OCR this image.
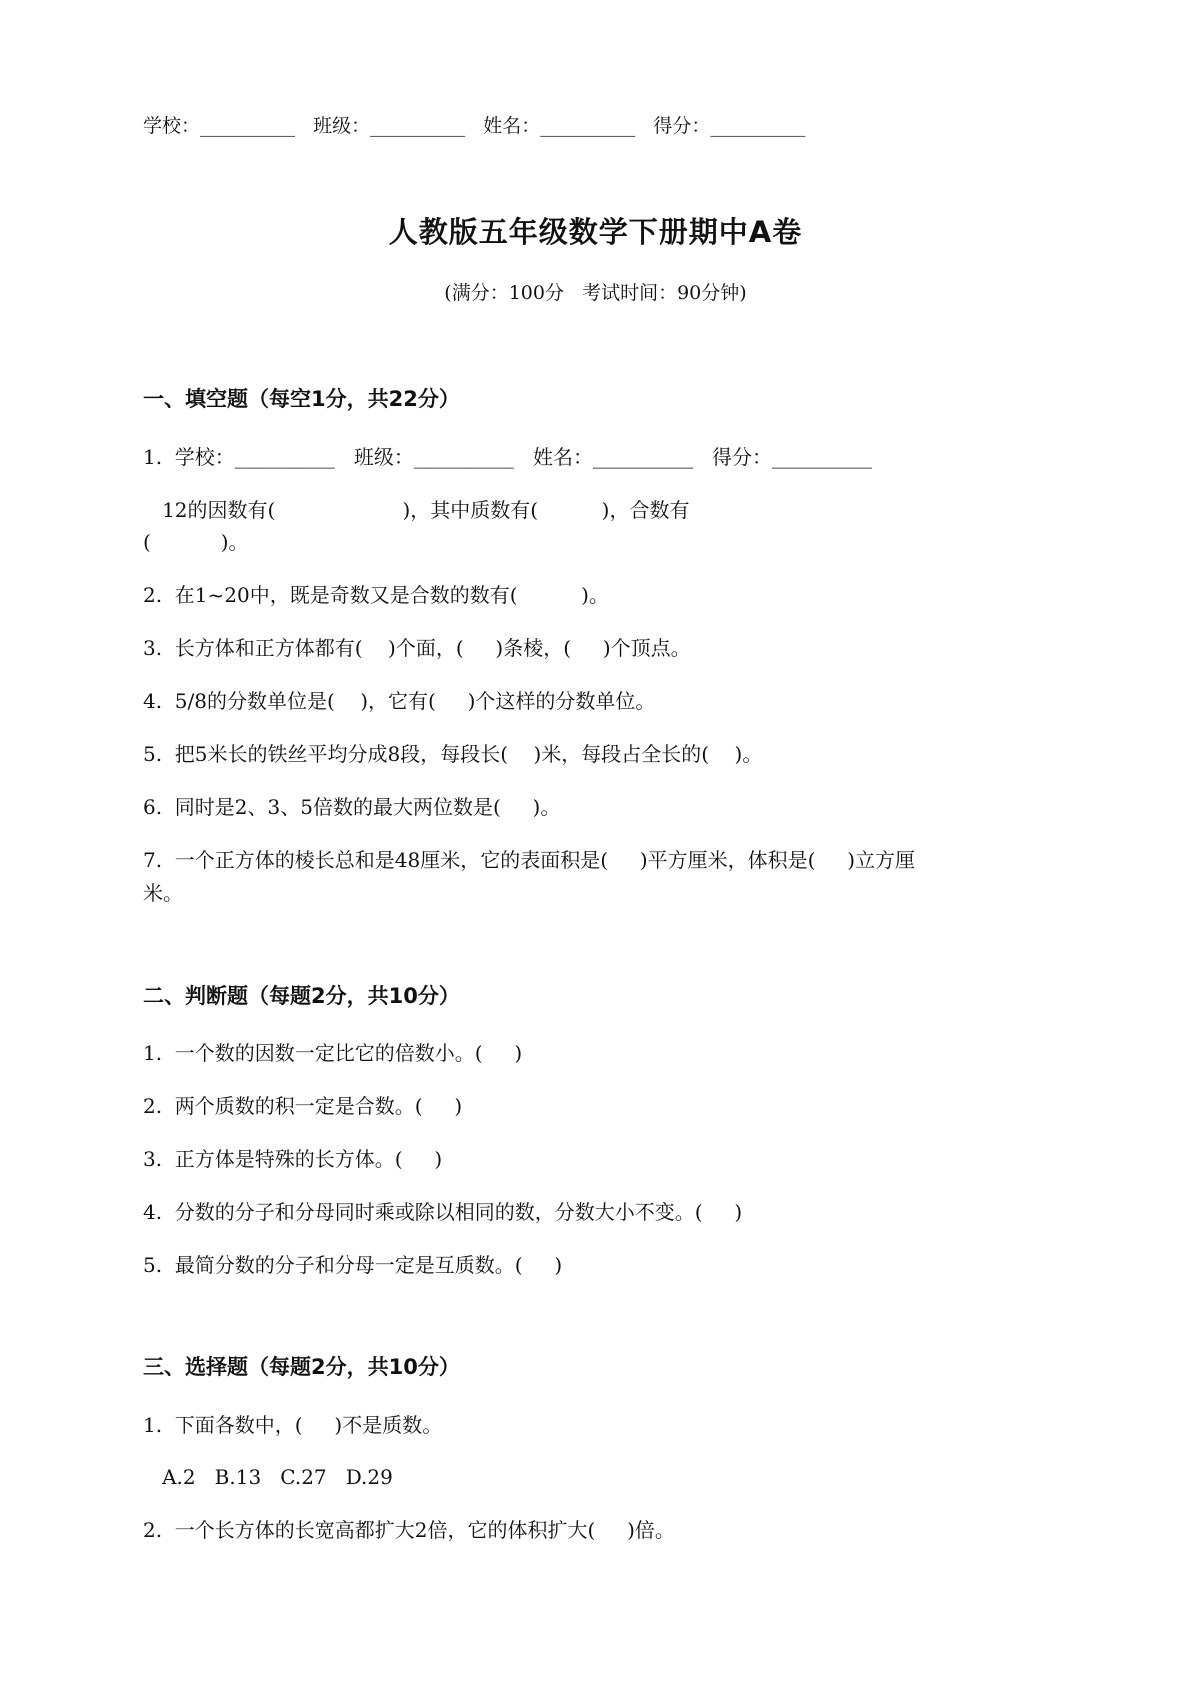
学校：__________   班级：__________   姓名：__________   得分：__________
人教版五年级数学下册期中A卷
(满分：100分   考试时间：90分钟)
一、填空题（每空1分，共22分）
1.  学校：__________   班级：__________   姓名：__________   得分：__________
12的因数有(                    )，其中质数有(          )，合数有
(           )。
2.  在1~20中，既是奇数又是合数的数有(          )。
3.  长方体和正方体都有(    )个面，(     )条棱，(     )个顶点。
4.  5/8的分数单位是(    )，它有(     )个这样的分数单位。
5.  把5米长的铁丝平均分成8段，每段长(    )米，每段占全长的(    )。
6.  同时是2、3、5倍数的最大两位数是(     )。
7.  一个正方体的棱长总和是48厘米，它的表面积是(     )平方厘米，体积是(     )立方厘
米。
二、判断题（每题2分，共10分）
1.  一个数的因数一定比它的倍数小。(     )
2.  两个质数的积一定是合数。(     )
3.  正方体是特殊的长方体。(     )
4.  分数的分子和分母同时乘或除以相同的数，分数大小不变。(     )
5.  最简分数的分子和分母一定是互质数。(     )
三、选择题（每题2分，共10分）
1.  下面各数中，(     )不是质数。
A.2   B.13   C.27   D.29
2.  一个长方体的长宽高都扩大2倍，它的体积扩大(     )倍。
